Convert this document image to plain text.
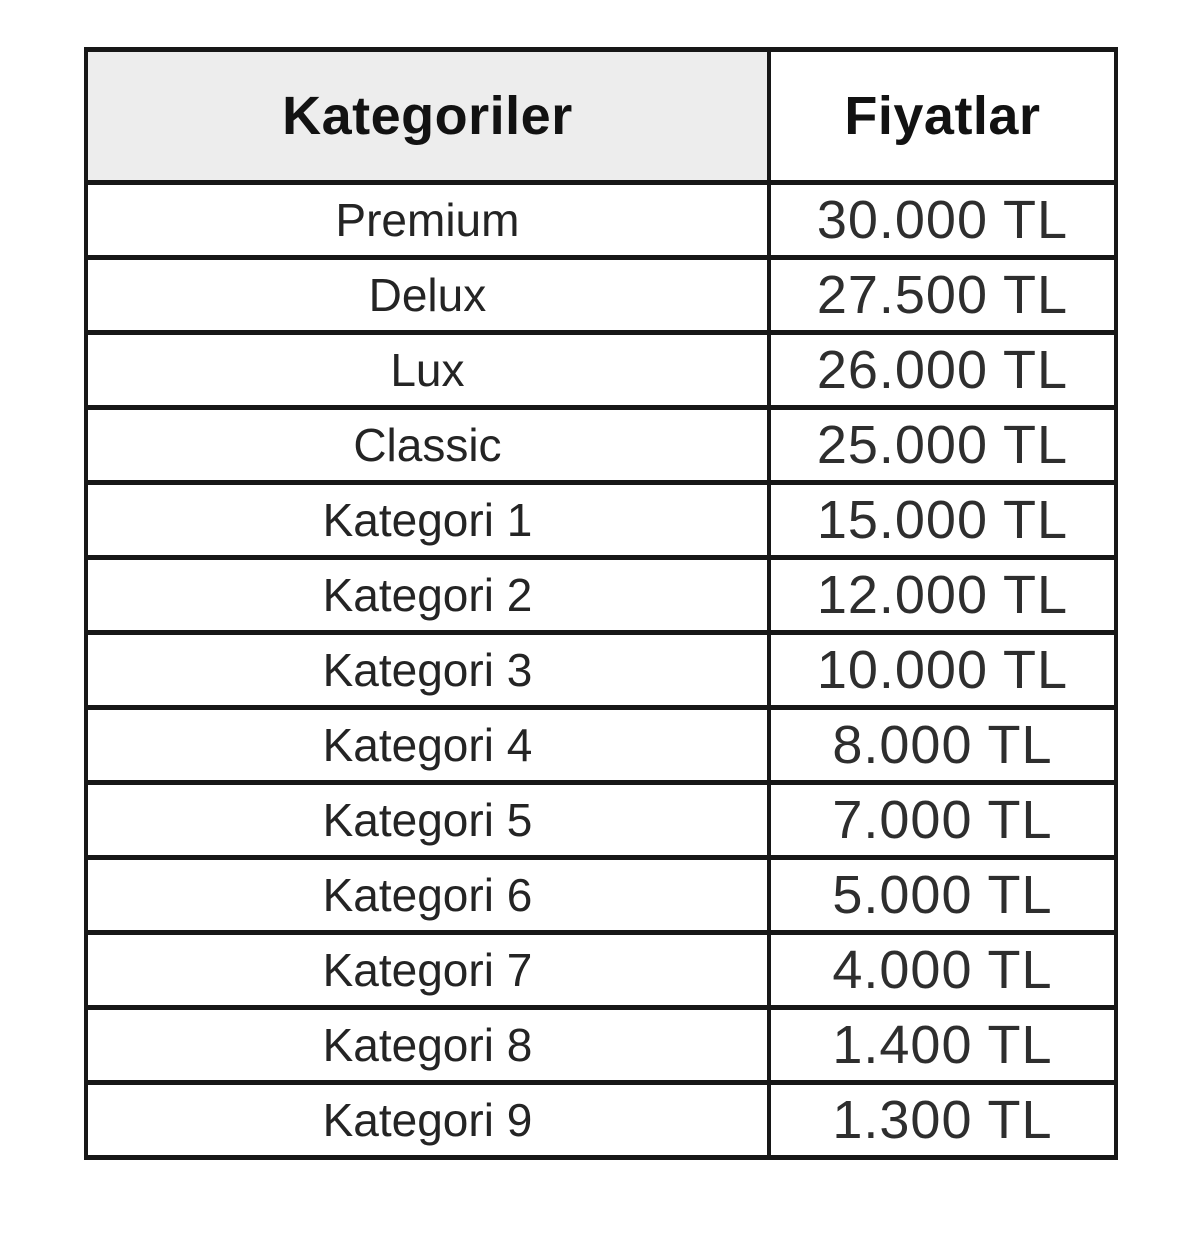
Kategoriler	Fiyatlar
Premium	30.000 TL
Delux	27.500 TL
Lux	26.000 TL
Classic	25.000 TL
Kategori 1	15.000 TL
Kategori 2	12.000 TL
Kategori 3	10.000 TL
Kategori 4	8.000 TL
Kategori 5	7.000 TL
Kategori 6	5.000 TL
Kategori 7	4.000 TL
Kategori 8	1.400 TL
Kategori 9	1.300 TL
